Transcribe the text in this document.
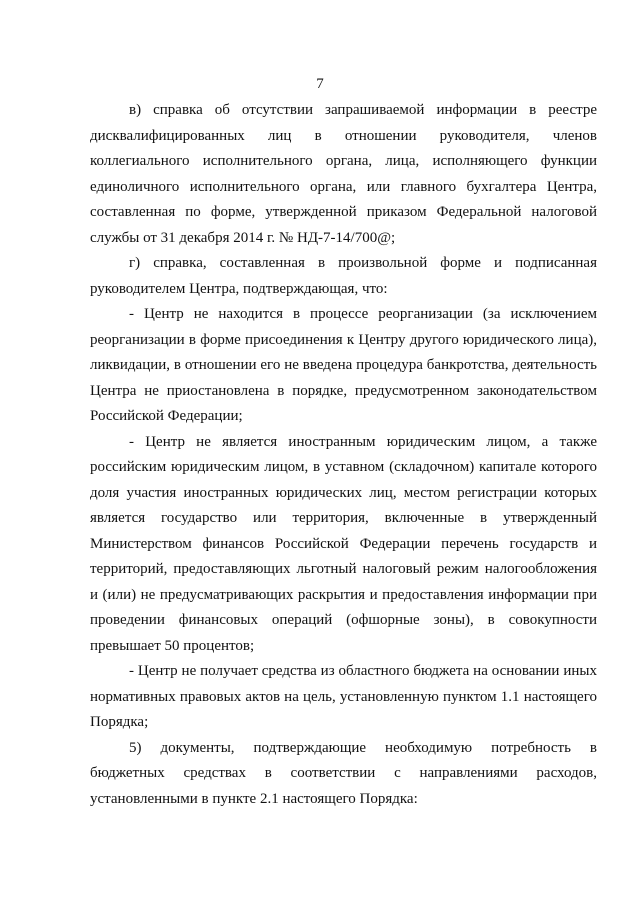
7

в) справка об отсутствии запрашиваемой информации в реестре дисквалифицированных лиц в отношении руководителя, членов коллегиального исполнительного органа, лица, исполняющего функции единоличного исполнительного органа, или главного бухгалтера Центра, составленная по форме, утвержденной приказом Федеральной налоговой службы от 31 декабря 2014 г. № НД-7-14/700@;

г) справка, составленная в произвольной форме и подписанная руководителем Центра, подтверждающая, что:

- Центр не находится в процессе реорганизации (за исключением реорганизации в форме присоединения к Центру другого юридического лица), ликвидации, в отношении его не введена процедура банкротства, деятельность Центра не приостановлена в порядке, предусмотренном законодательством Российской Федерации;

- Центр не является иностранным юридическим лицом, а также российским юридическим лицом, в уставном (складочном) капитале которого доля участия иностранных юридических лиц, местом регистрации которых является государство или территория, включенные в утвержденный Министерством финансов Российской Федерации перечень государств и территорий, предоставляющих льготный налоговый режим налогообложения и (или) не предусматривающих раскрытия и предоставления информации при проведении финансовых операций (офшорные зоны), в совокупности превышает 50 процентов;

- Центр не получает средства из областного бюджета на основании иных нормативных правовых актов на цель, установленную пунктом 1.1 настоящего Порядка;

5) документы, подтверждающие необходимую потребность в бюджетных средствах в соответствии с направлениями расходов, установленными в пункте 2.1 настоящего Порядка:
